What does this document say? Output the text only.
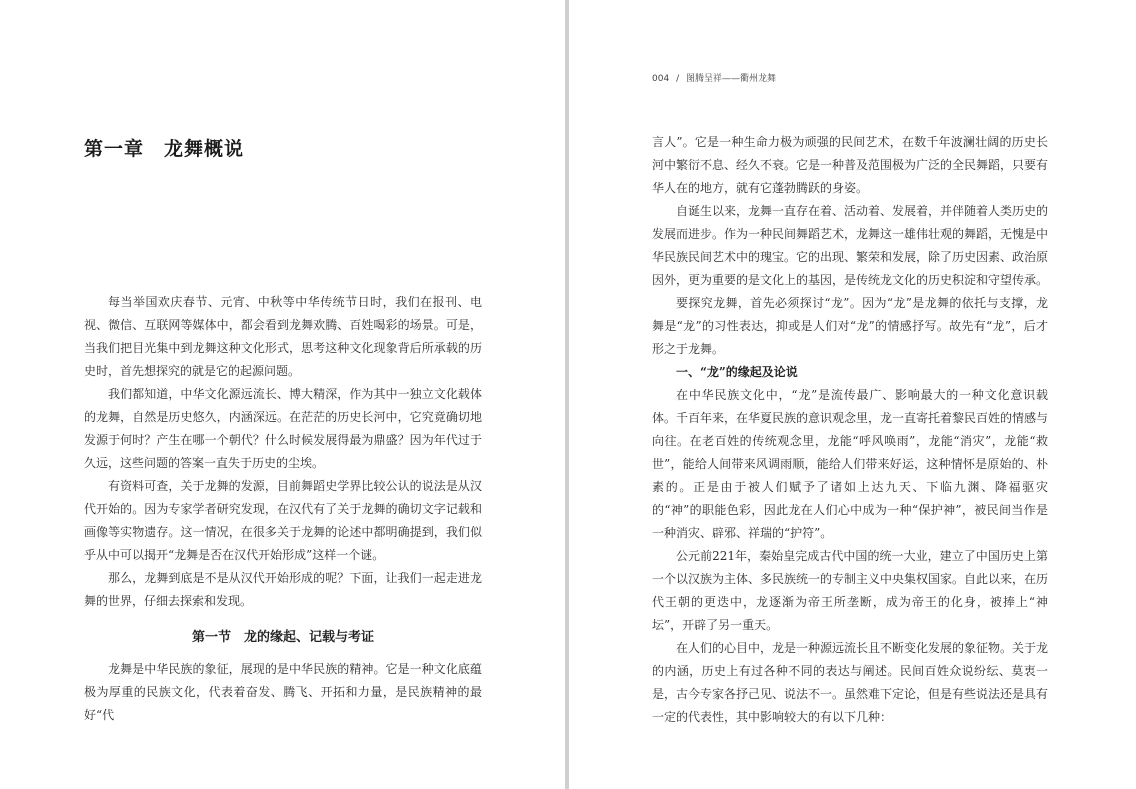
第一章　龙舞概说

每当举国欢庆春节、元宵、中秋等中华传统节日时，我们在报刊、电视、微信、互联网等媒体中，都会看到龙舞欢腾、百姓喝彩的场景。可是，当我们把目光集中到龙舞这种文化形式，思考这种文化现象背后所承载的历史时，首先想探究的就是它的起源问题。

我们都知道，中华文化源远流长、博大精深，作为其中一独立文化载体的龙舞，自然是历史悠久，内涵深远。在茫茫的历史长河中，它究竟确切地发源于何时？产生在哪一个朝代？什么时候发展得最为鼎盛？因为年代过于久远，这些问题的答案一直失于历史的尘埃。

有资料可查，关于龙舞的发源，目前舞蹈史学界比较公认的说法是从汉代开始的。因为专家学者研究发现，在汉代有了关于龙舞的确切文字记载和画像等实物遗存。这一情况，在很多关于龙舞的论述中都明确提到，我们似乎从中可以揭开“龙舞是否在汉代开始形成”这样一个谜。

那么，龙舞到底是不是从汉代开始形成的呢？下面，让我们一起走进龙舞的世界，仔细去探索和发现。

第一节　龙的缘起、记载与考证

龙舞是中华民族的象征，展现的是中华民族的精神。它是一种文化底蕴极为厚重的民族文化，代表着奋发、腾飞、开拓和力量，是民族精神的最好“代

004 / 图腾呈祥——衢州龙舞

言人”。它是一种生命力极为顽强的民间艺术，在数千年波澜壮阔的历史长河中繁衍不息、经久不衰。它是一种普及范围极为广泛的全民舞蹈，只要有华人在的地方，就有它蓬勃腾跃的身姿。

自诞生以来，龙舞一直存在着、活动着、发展着，并伴随着人类历史的发展而进步。作为一种民间舞蹈艺术，龙舞这一雄伟壮观的舞蹈，无愧是中华民族民间艺术中的瑰宝。它的出现、繁荣和发展，除了历史因素、政治原因外，更为重要的是文化上的基因，是传统龙文化的历史积淀和守望传承。

要探究龙舞，首先必须探讨“龙”。因为“龙”是龙舞的依托与支撑，龙舞是“龙”的习性表达，抑或是人们对“龙”的情感抒写。故先有“龙”，后才形之于龙舞。

一、“龙”的缘起及论说

在中华民族文化中，“龙”是流传最广、影响最大的一种文化意识载体。千百年来，在华夏民族的意识观念里，龙一直寄托着黎民百姓的情感与向往。在老百姓的传统观念里，龙能“呼风唤雨”，龙能“消灾”，龙能“救世”，能给人间带来风调雨顺，能给人们带来好运，这种情怀是原始的、朴素的。正是由于被人们赋予了诸如上达九天、下临九渊、降福驱灾的“神”的职能色彩，因此龙在人们心中成为一种“保护神”，被民间当作是一种消灾、辟邪、祥瑞的“护符”。

公元前221年，秦始皇完成古代中国的统一大业，建立了中国历史上第一个以汉族为主体、多民族统一的专制主义中央集权国家。自此以来，在历代王朝的更迭中，龙逐渐为帝王所垄断，成为帝王的化身，被捧上“神坛”，开辟了另一重天。

在人们的心目中，龙是一种源远流长且不断变化发展的象征物。关于龙的内涵，历史上有过各种不同的表达与阐述。民间百姓众说纷纭、莫衷一是，古今专家各抒己见、说法不一。虽然难下定论，但是有些说法还是具有一定的代表性，其中影响较大的有以下几种：
